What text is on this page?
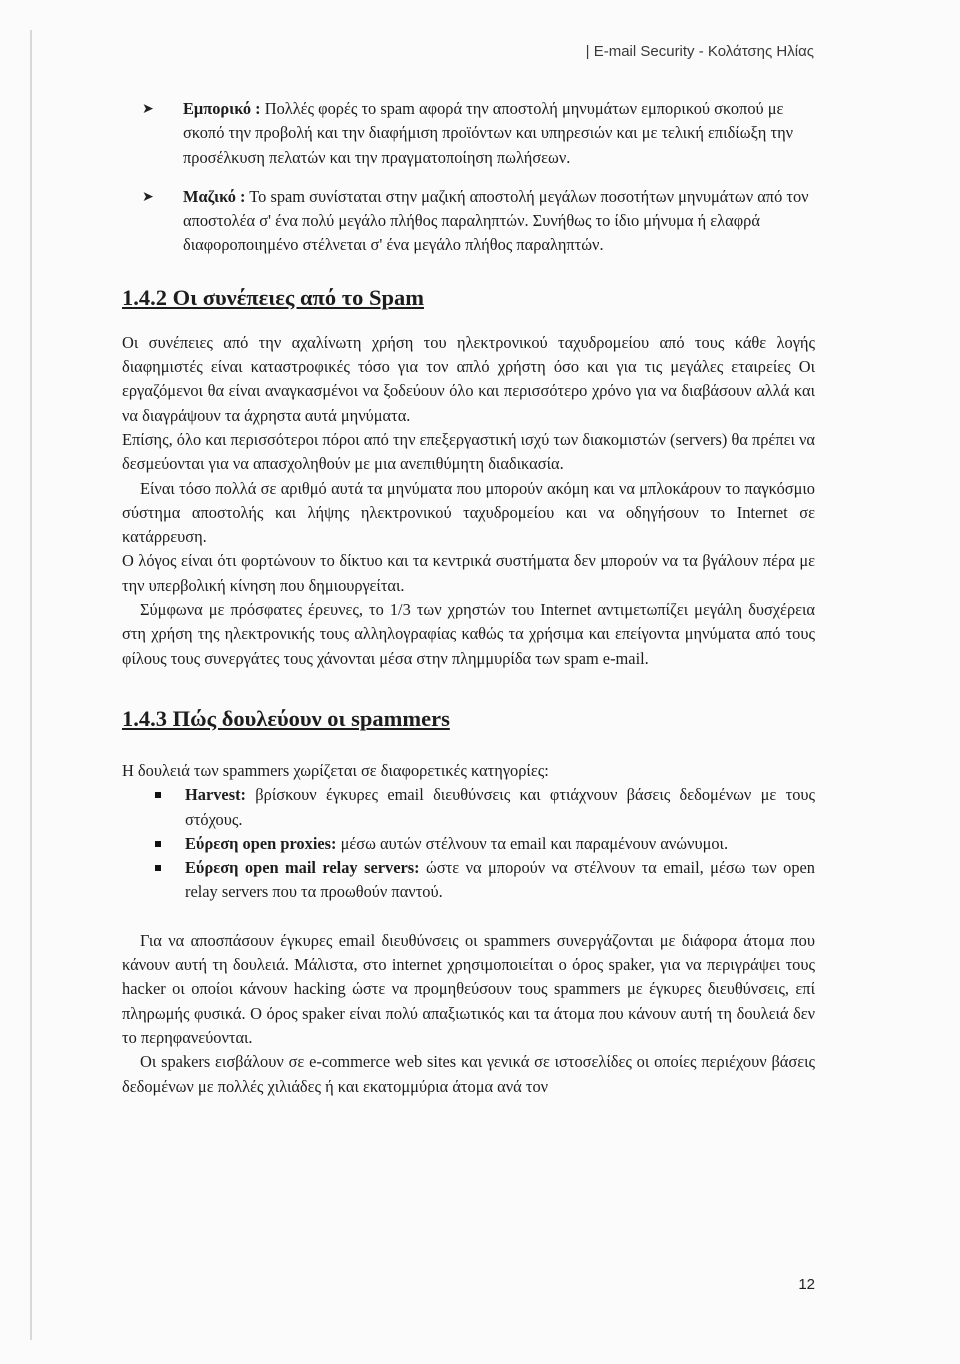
| E-mail Security - Κολάτσης Ηλίας

➤ Εμπορικό : Πολλές φορές το spam αφορά την αποστολή μηνυμάτων εμπορικού σκοπού με σκοπό την προβολή και την διαφήμιση προϊόντων και υπηρεσιών και με τελική επιδίωξη την προσέλκυση πελατών και την πραγματοποίηση πωλήσεων.

➤ Μαζικό : Το spam συνίσταται στην μαζική αποστολή μεγάλων ποσοτήτων μηνυμάτων από τον αποστολέα σ' ένα πολύ μεγάλο πλήθος παραληπτών. Συνήθως το ίδιο μήνυμα ή ελαφρά διαφοροποιημένο στέλνεται σ' ένα μεγάλο πλήθος παραληπτών.

1.4.2 Οι συνέπειες από το Spam

Οι συνέπειες από την αχαλίνωτη χρήση του ηλεκτρονικού ταχυδρομείου από τους κάθε λογής διαφημιστές είναι καταστροφικές τόσο για τον απλό χρήστη όσο και για τις μεγάλες εταιρείες Οι εργαζόμενοι θα είναι αναγκασμένοι να ξοδεύουν όλο και περισσότερο χρόνο για να διαβάσουν αλλά και να διαγράψουν τα άχρηστα αυτά μηνύματα.

Επίσης, όλο και περισσότεροι πόροι από την επεξεργαστική ισχύ των διακομιστών (servers) θα πρέπει να δεσμεύονται για να απασχοληθούν με μια ανεπιθύμητη διαδικασία.

Είναι τόσο πολλά σε αριθμό αυτά τα μηνύματα που μπορούν ακόμη και να μπλοκάρουν το παγκόσμιο σύστημα αποστολής και λήψης ηλεκτρονικού ταχυδρομείου και να οδηγήσουν το Internet σε κατάρρευση.

Ο λόγος είναι ότι φορτώνουν το δίκτυο και τα κεντρικά συστήματα δεν μπορούν να τα βγάλουν πέρα με την υπερβολική κίνηση που δημιουργείται.

Σύμφωνα με πρόσφατες έρευνες, το 1/3 των χρηστών του Internet αντιμετωπίζει μεγάλη δυσχέρεια στη χρήση της ηλεκτρονικής τους αλληλογραφίας καθώς τα χρήσιμα και επείγοντα μηνύματα από τους φίλους τους συνεργάτες τους χάνονται μέσα στην πλημμυρίδα των spam e-mail.

1.4.3 Πώς δουλεύουν οι spammers

Η δουλειά των spammers χωρίζεται σε διαφορετικές κατηγορίες:

Harvest: βρίσκουν έγκυρες email διευθύνσεις και φτιάχνουν βάσεις δεδομένων με τους στόχους.

Εύρεση open proxies: μέσω αυτών στέλνουν τα email και παραμένουν ανώνυμοι.

Εύρεση open mail relay servers: ώστε να μπορούν να στέλνουν τα email, μέσω των open relay servers που τα προωθούν παντού.

Για να αποσπάσουν έγκυρες email διευθύνσεις οι spammers συνεργάζονται με διάφορα άτομα που κάνουν αυτή τη δουλειά. Μάλιστα, στο internet χρησιμοποιείται ο όρος spaker, για να περιγράψει τους hacker οι οποίοι κάνουν hacking ώστε να προμηθεύσουν τους spammers με έγκυρες διευθύνσεις, επί πληρωμής φυσικά. Ο όρος spaker είναι πολύ απαξιωτικός και τα άτομα που κάνουν αυτή τη δουλειά δεν το περηφανεύονται.

Οι spakers εισβάλουν σε e-commerce web sites και γενικά σε ιστοσελίδες οι οποίες περιέχουν βάσεις δεδομένων με πολλές χιλιάδες ή και εκατομμύρια άτομα ανά τον

12
